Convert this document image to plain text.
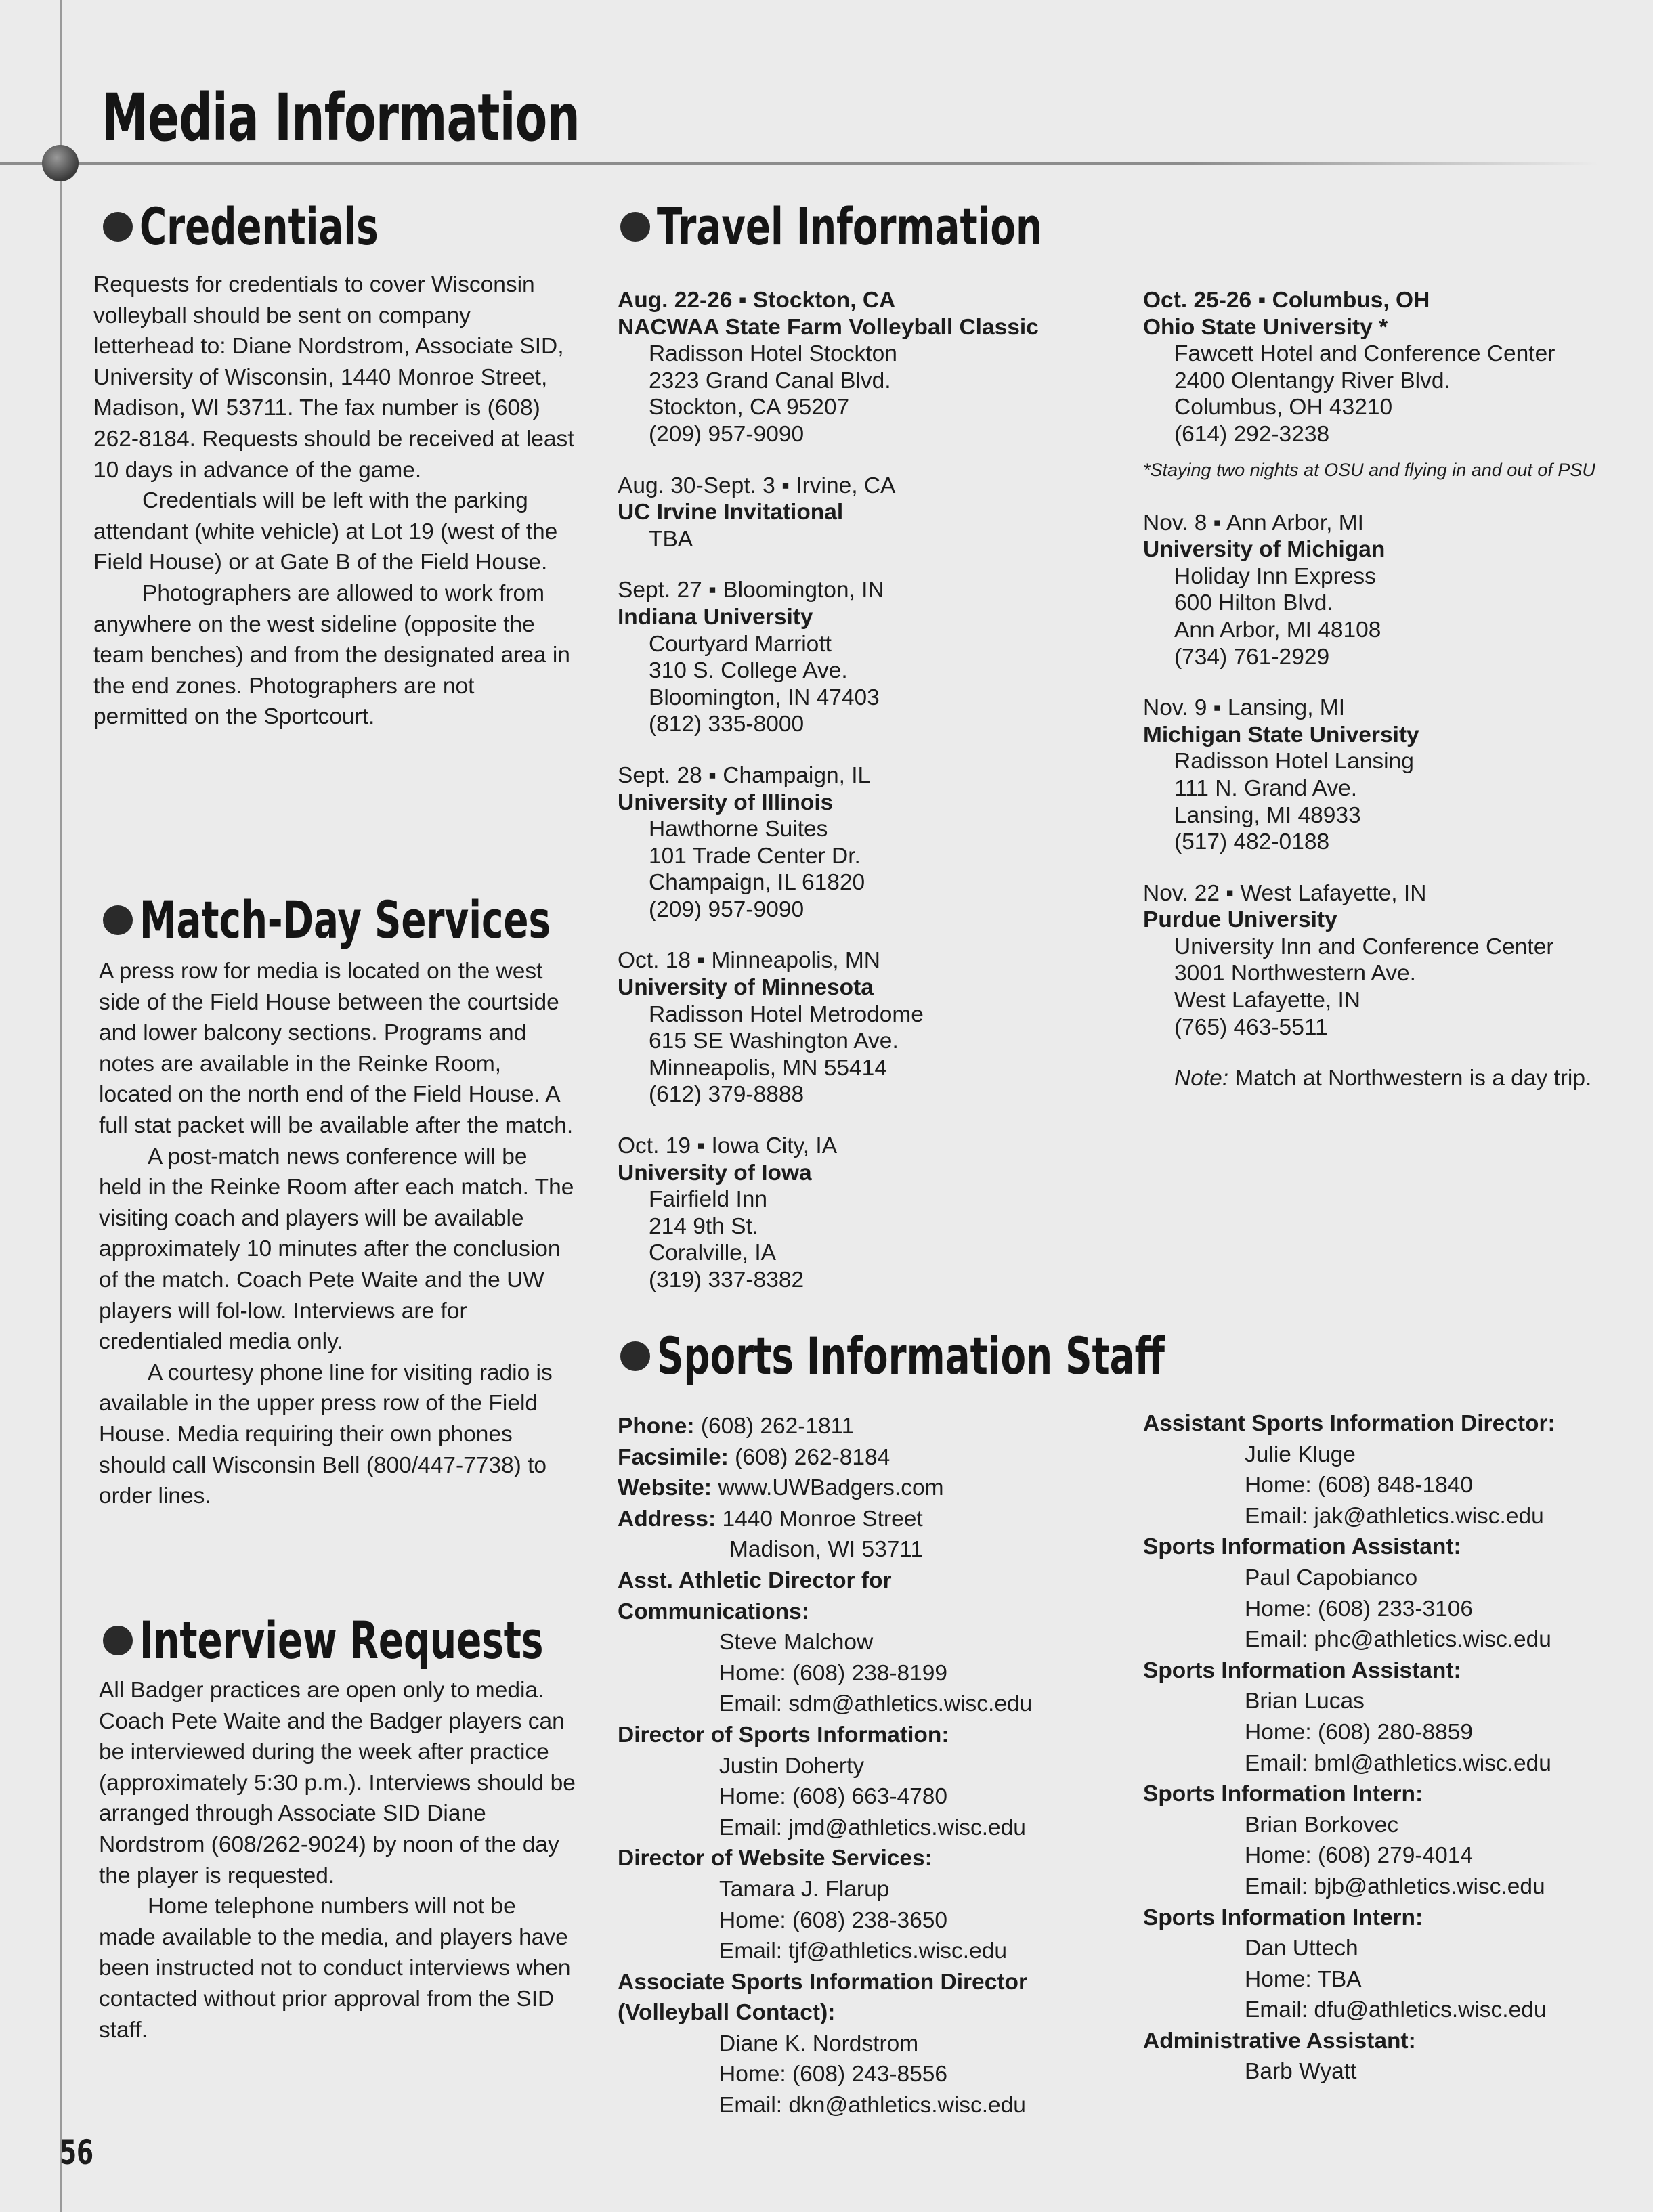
Media Information
Credentials

Requests for credentials to cover Wisconsin volleyball should be sent on company letterhead to: Diane Nordstrom, Associate SID, University of Wisconsin, 1440 Monroe Street, Madison, WI 53711. The fax number is (608) 262-8184. Requests should be received at least 10 days in advance of the game.

Credentials will be left with the parking attendant (white vehicle) at Lot 19 (west of the Field House) or at Gate B of the Field House.

Photographers are allowed to work from anywhere on the west sideline (opposite the team benches) and from the designated area in the end zones. Photographers are not permitted on the Sportcourt.

Match-Day Services

A press row for media is located on the west side of the Field House between the courtside and lower balcony sections. Programs and notes are available in the Reinke Room, located on the north end of the Field House. A full stat packet will be available after the match.

A post-match news conference will be held in the Reinke Room after each match. The visiting coach and players will be available approximately 10 minutes after the conclusion of the match. Coach Pete Waite and the UW players will fol-low. Interviews are for credentialed media only.

A courtesy phone line for visiting radio is available in the upper press row of the Field House. Media requiring their own phones should call Wisconsin Bell (800/447-7738) to order lines.

Interview Requests

All Badger practices are open only to media. Coach Pete Waite and the Badger players can be interviewed during the week after practice (approximately 5:30 p.m.). Interviews should be arranged through Associate SID Diane Nordstrom (608/262-9024) by noon of the day the player is requested.

Home telephone numbers will not be made available to the media, and players have been instructed not to conduct interviews when contacted without prior approval from the SID staff.

Travel Information
Aug. 22-26 ▪ Stockton, CA
NACWAA State Farm Volleyball Classic
Radisson Hotel Stockton
2323 Grand Canal Blvd.
Stockton, CA 95207
(209) 957-9090
Aug. 30-Sept. 3 ▪ Irvine, CA
UC Irvine Invitational
TBA
Sept. 27 ▪ Bloomington, IN
Indiana University
Courtyard Marriott
310 S. College Ave.
Bloomington, IN 47403
(812) 335-8000
Sept. 28 ▪ Champaign, IL
University of Illinois
Hawthorne Suites
101 Trade Center Dr.
Champaign, IL 61820
(209) 957-9090
Oct. 18 ▪ Minneapolis, MN
University of Minnesota
Radisson Hotel Metrodome
615 SE Washington Ave.
Minneapolis, MN 55414
(612) 379-8888
Oct. 19 ▪ Iowa City, IA
University of Iowa
Fairfield Inn
214 9th St.
Coralville, IA
(319) 337-8382
Oct. 25-26 ▪ Columbus, OH
Ohio State University *
Fawcett Hotel and Conference Center
2400 Olentangy River Blvd.
Columbus, OH 43210
(614) 292-3238
*Staying two nights at OSU and flying in and out of PSU
Nov. 8 ▪ Ann Arbor, MI
University of Michigan
Holiday Inn Express
600 Hilton Blvd.
Ann Arbor, MI 48108
(734) 761-2929
Nov. 9 ▪ Lansing, MI
Michigan State University
Radisson Hotel Lansing
111 N. Grand Ave.
Lansing, MI 48933
(517) 482-0188
Nov. 22 ▪ West Lafayette, IN
Purdue University
University Inn and Conference Center
3001 Northwestern Ave.
West Lafayette, IN
(765) 463-5511
Note: Match at Northwestern is a day trip.
Sports Information Staff
Phone: (608) 262-1811
Facsimile: (608) 262-8184
Website: www.UWBadgers.com
Address: 1440 Monroe Street
Madison, WI 53711
Asst. Athletic Director for
Communications:
Steve Malchow
Home: (608) 238-8199
Email: sdm@athletics.wisc.edu
Director of Sports Information:
Justin Doherty
Home: (608) 663-4780
Email: jmd@athletics.wisc.edu
Director of Website Services:
Tamara J. Flarup
Home: (608) 238-3650
Email: tjf@athletics.wisc.edu
Associate Sports Information Director
(Volleyball Contact):
Diane K. Nordstrom
Home: (608) 243-8556
Email: dkn@athletics.wisc.edu
Assistant Sports Information Director:
Julie Kluge
Home: (608) 848-1840
Email: jak@athletics.wisc.edu
Sports Information Assistant:
Paul Capobianco
Home: (608) 233-3106
Email: phc@athletics.wisc.edu
Sports Information Assistant:
Brian Lucas
Home: (608) 280-8859
Email: bml@athletics.wisc.edu
Sports Information Intern:
Brian Borkovec
Home: (608) 279-4014
Email: bjb@athletics.wisc.edu
Sports Information Intern:
Dan Uttech
Home: TBA
Email: dfu@athletics.wisc.edu
Administrative Assistant:
Barb Wyatt
56
